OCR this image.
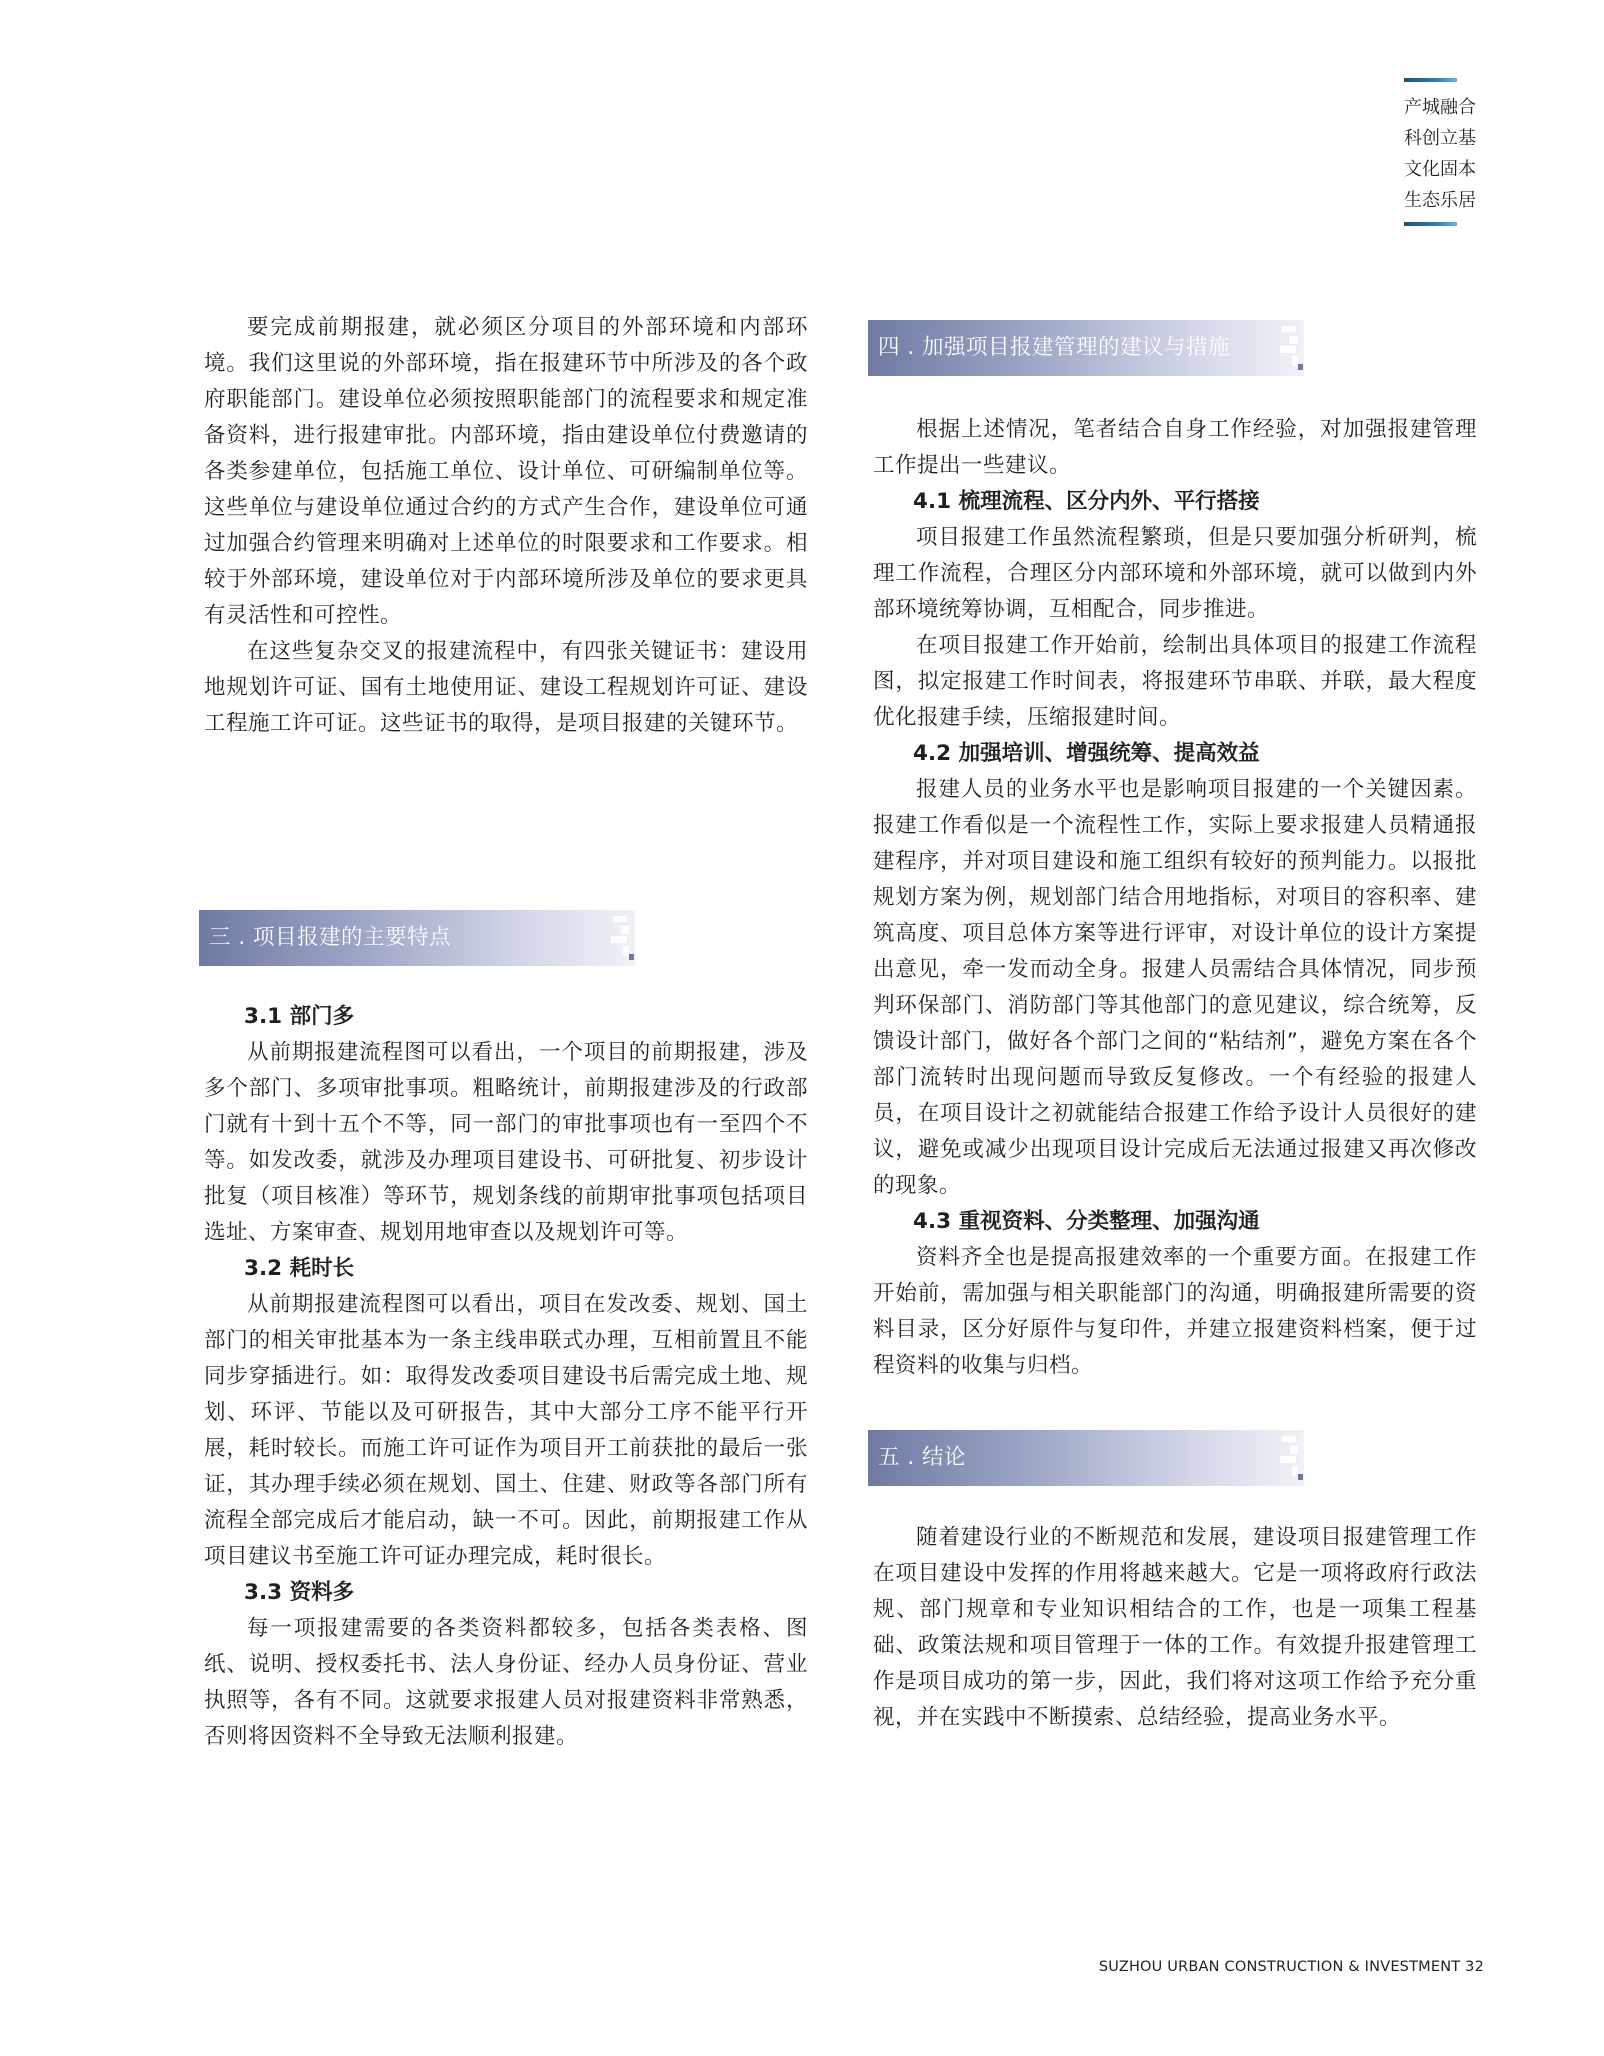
产城融合
科创立基
文化固本
生态乐居

要完成前期报建，就必须区分项目的外部环境和内部环境。我们这里说的外部环境，指在报建环节中所涉及的各个政府职能部门。建设单位必须按照职能部门的流程要求和规定准备资料，进行报建审批。内部环境，指由建设单位付费邀请的各类参建单位，包括施工单位、设计单位、可研编制单位等。这些单位与建设单位通过合约的方式产生合作，建设单位可通过加强合约管理来明确对上述单位的时限要求和工作要求。相较于外部环境，建设单位对于内部环境所涉及单位的要求更具有灵活性和可控性。

在这些复杂交叉的报建流程中，有四张关键证书：建设用地规划许可证、国有土地使用证、建设工程规划许可证、建设工程施工许可证。这些证书的取得，是项目报建的关键环节。

三 . 项目报建的主要特点
3.1 部门多

从前期报建流程图可以看出，一个项目的前期报建，涉及多个部门、多项审批事项。粗略统计，前期报建涉及的行政部门就有十到十五个不等，同一部门的审批事项也有一至四个不等。如发改委，就涉及办理项目建设书、可研批复、初步设计批复（项目核准）等环节，规划条线的前期审批事项包括项目选址、方案审查、规划用地审查以及规划许可等。

3.2 耗时长

从前期报建流程图可以看出，项目在发改委、规划、国土部门的相关审批基本为一条主线串联式办理，互相前置且不能同步穿插进行。如：取得发改委项目建设书后需完成土地、规划、环评、节能以及可研报告，其中大部分工序不能平行开展，耗时较长。而施工许可证作为项目开工前获批的最后一张证，其办理手续必须在规划、国土、住建、财政等各部门所有流程全部完成后才能启动，缺一不可。因此，前期报建工作从项目建议书至施工许可证办理完成，耗时很长。

3.3 资料多

每一项报建需要的各类资料都较多，包括各类表格、图纸、说明、授权委托书、法人身份证、经办人员身份证、营业执照等，各有不同。这就要求报建人员对报建资料非常熟悉，否则将因资料不全导致无法顺利报建。

四 . 加强项目报建管理的建议与措施

根据上述情况，笔者结合自身工作经验，对加强报建管理工作提出一些建议。

4.1 梳理流程、区分内外、平行搭接

项目报建工作虽然流程繁琐，但是只要加强分析研判，梳理工作流程，合理区分内部环境和外部环境，就可以做到内外部环境统筹协调，互相配合，同步推进。

在项目报建工作开始前，绘制出具体项目的报建工作流程图，拟定报建工作时间表，将报建环节串联、并联，最大程度优化报建手续，压缩报建时间。

4.2 加强培训、增强统筹、提高效益

报建人员的业务水平也是影响项目报建的一个关键因素。报建工作看似是一个流程性工作，实际上要求报建人员精通报建程序，并对项目建设和施工组织有较好的预判能力。以报批规划方案为例，规划部门结合用地指标，对项目的容积率、建筑高度、项目总体方案等进行评审，对设计单位的设计方案提出意见，牵一发而动全身。报建人员需结合具体情况，同步预判环保部门、消防部门等其他部门的意见建议，综合统筹，反馈设计部门，做好各个部门之间的“粘结剂”，避免方案在各个部门流转时出现问题而导致反复修改。一个有经验的报建人员，在项目设计之初就能结合报建工作给予设计人员很好的建议，避免或减少出现项目设计完成后无法通过报建又再次修改的现象。

4.3 重视资料、分类整理、加强沟通

资料齐全也是提高报建效率的一个重要方面。在报建工作开始前，需加强与相关职能部门的沟通，明确报建所需要的资料目录，区分好原件与复印件，并建立报建资料档案，便于过程资料的收集与归档。

五 . 结论

随着建设行业的不断规范和发展，建设项目报建管理工作在项目建设中发挥的作用将越来越大。它是一项将政府行政法规、部门规章和专业知识相结合的工作，也是一项集工程基础、政策法规和项目管理于一体的工作。有效提升报建管理工作是项目成功的第一步，因此，我们将对这项工作给予充分重视，并在实践中不断摸索、总结经验，提高业务水平。

SUZHOU URBAN CONSTRUCTION & INVESTMENT 32
